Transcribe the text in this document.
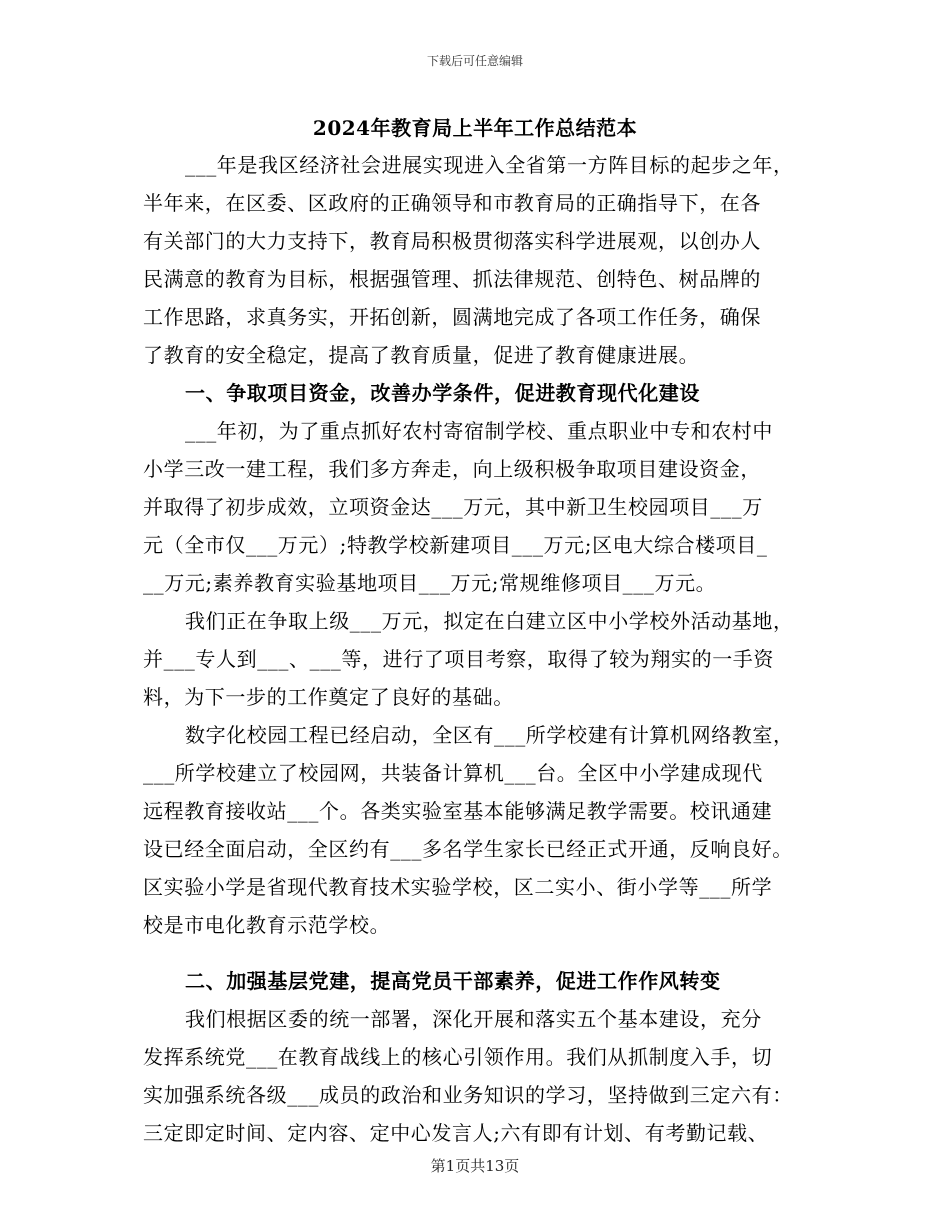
下载后可任意编辑
2024年教育局上半年工作总结范本
___年是我区经济社会进展实现进入全省第一方阵目标的起步之年，
半年来，在区委、区政府的正确领导和市教育局的正确指导下，在各
有关部门的大力支持下，教育局积极贯彻落实科学进展观，以创办人
民满意的教育为目标，根据强管理、抓法律规范、创特色、树品牌的
工作思路，求真务实，开拓创新，圆满地完成了各项工作任务，确保
了教育的安全稳定，提高了教育质量，促进了教育健康进展。
一、争取项目资金，改善办学条件，促进教育现代化建设
___年初，为了重点抓好农村寄宿制学校、重点职业中专和农村中
小学三改一建工程，我们多方奔走，向上级积极争取项目建设资金，
并取得了初步成效，立项资金达___万元，其中新卫生校园项目___万
元（全市仅___万元）;特教学校新建项目___万元;区电大综合楼项目_
__万元;素养教育实验基地项目___万元;常规维修项目___万元。
我们正在争取上级___万元，拟定在白建立区中小学校外活动基地，
并___专人到___、___等，进行了项目考察，取得了较为翔实的一手资
料，为下一步的工作奠定了良好的基础。
数字化校园工程已经启动，全区有___所学校建有计算机网络教室，
___所学校建立了校园网，共装备计算机___台。全区中小学建成现代
远程教育接收站___个。各类实验室基本能够满足教学需要。校讯通建
设已经全面启动，全区约有___多名学生家长已经正式开通，反响良好。
区实验小学是省现代教育技术实验学校，区二实小、街小学等___所学
校是市电化教育示范学校。
二、加强基层党建，提高党员干部素养，促进工作作风转变
我们根据区委的统一部署，深化开展和落实五个基本建设，充分
发挥系统党___在教育战线上的核心引领作用。我们从抓制度入手，切
实加强系统各级___成员的政治和业务知识的学习，坚持做到三定六有：
三定即定时间、定内容、定中心发言人;六有即有计划、有考勤记载、
第1页共13页
